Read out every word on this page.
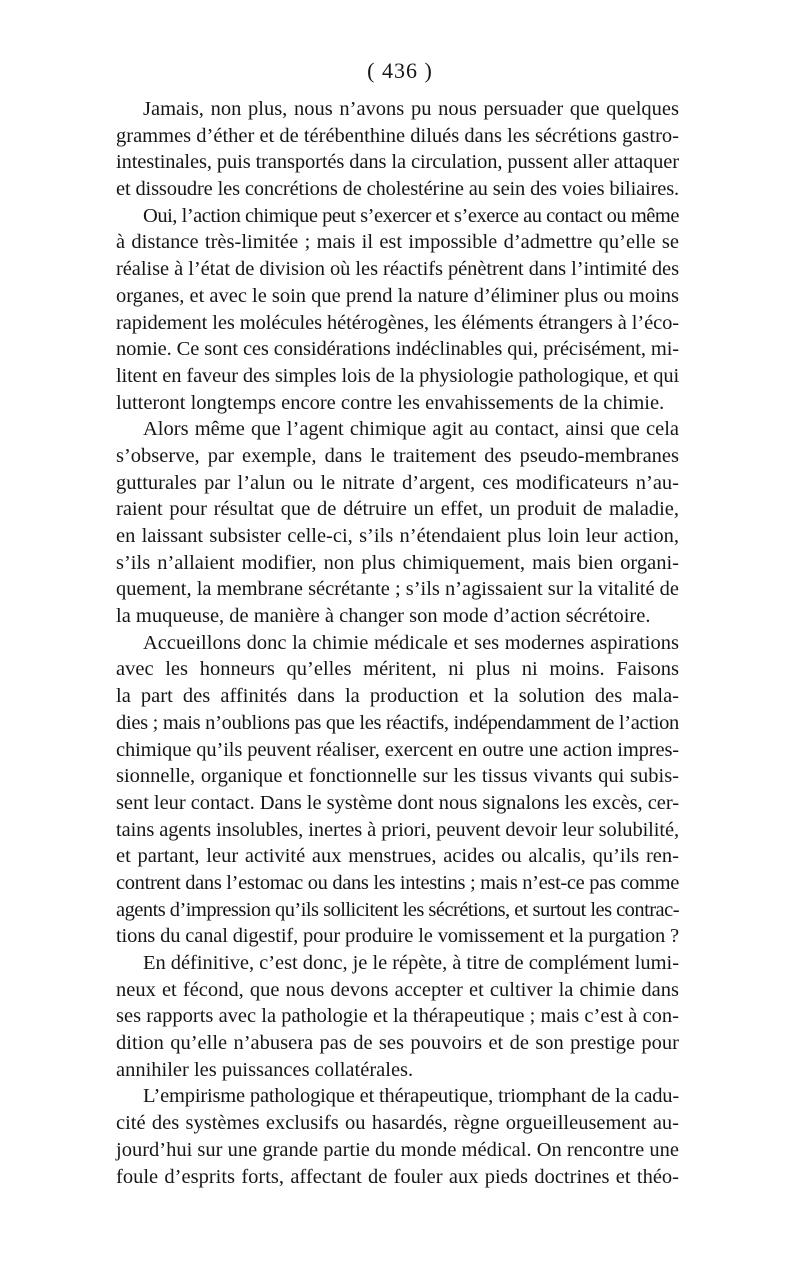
( 436 )
Jamais, non plus, nous n’avons pu nous persuader que quelques
grammes d’éther et de térébenthine dilués dans les sécrétions gastro-
intestinales, puis transportés dans la circulation, pussent aller attaquer
et dissoudre les concrétions de cholestérine au sein des voies biliaires.
Oui, l’action chimique peut s’exercer et s’exerce au contact ou même
à distance très-limitée ; mais il est impossible d’admettre qu’elle se
réalise à l’état de division où les réactifs pénètrent dans l’intimité des
organes, et avec le soin que prend la nature d’éliminer plus ou moins
rapidement les molécules hétérogènes, les éléments étrangers à l’éco-
nomie. Ce sont ces considérations indéclinables qui, précisément, mi-
litent en faveur des simples lois de la physiologie pathologique, et qui
lutteront longtemps encore contre les envahissements de la chimie.
Alors même que l’agent chimique agit au contact, ainsi que cela
s’observe, par exemple, dans le traitement des pseudo-membranes
gutturales par l’alun ou le nitrate d’argent, ces modificateurs n’au-
raient pour résultat que de détruire un effet, un produit de maladie,
en laissant subsister celle-ci, s’ils n’étendaient plus loin leur action,
s’ils n’allaient modifier, non plus chimiquement, mais bien organi-
quement, la membrane sécrétante ; s’ils n’agissaient sur la vitalité de
la muqueuse, de manière à changer son mode d’action sécrétoire.
Accueillons donc la chimie médicale et ses modernes aspirations
avec les honneurs qu’elles méritent, ni plus ni moins. Faisons
la part des affinités dans la production et la solution des mala-
dies ; mais n’oublions pas que les réactifs, indépendamment de l’action
chimique qu’ils peuvent réaliser, exercent en outre une action impres-
sionnelle, organique et fonctionnelle sur les tissus vivants qui subis-
sent leur contact. Dans le système dont nous signalons les excès, cer-
tains agents insolubles, inertes à priori, peuvent devoir leur solubilité,
et partant, leur activité aux menstrues, acides ou alcalis, qu’ils ren-
contrent dans l’estomac ou dans les intestins ; mais n’est-ce pas comme
agents d’impression qu’ils sollicitent les sécrétions, et surtout les contrac-
tions du canal digestif, pour produire le vomissement et la purgation ?
En définitive, c’est donc, je le répète, à titre de complément lumi-
neux et fécond, que nous devons accepter et cultiver la chimie dans
ses rapports avec la pathologie et la thérapeutique ; mais c’est à con-
dition qu’elle n’abusera pas de ses pouvoirs et de son prestige pour
annihiler les puissances collatérales.
L’empirisme pathologique et thérapeutique, triomphant de la cadu-
cité des systèmes exclusifs ou hasardés, règne orgueilleusement au-
jourd’hui sur une grande partie du monde médical. On rencontre une
foule d’esprits forts, affectant de fouler aux pieds doctrines et théo-
